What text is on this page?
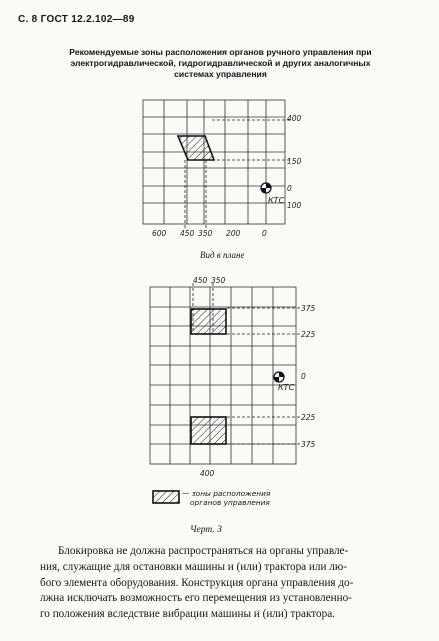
С. 8 ГОСТ 12.2.102—89
Рекомендуемые зоны расположения органов ручного управления при
электрогидравлической, гидрогидравлической и других аналогичных
системах управления
КТС
400
150
0
100
600 450 350 200	0
КТС
450 350
375
225
0
225
375
400
Вид в плане
— зоны расположения
органов управления
Черт. 3
Блокировка не должна распространяться на органы управле-
ния, служащие для остановки машины и (или) трактора или лю-
бого элемента оборудования. Конструкция органа управления до-
лжна исключать возможность его перемещения из установленно-
го положения вследствие вибрации машины и (или) трактора.
